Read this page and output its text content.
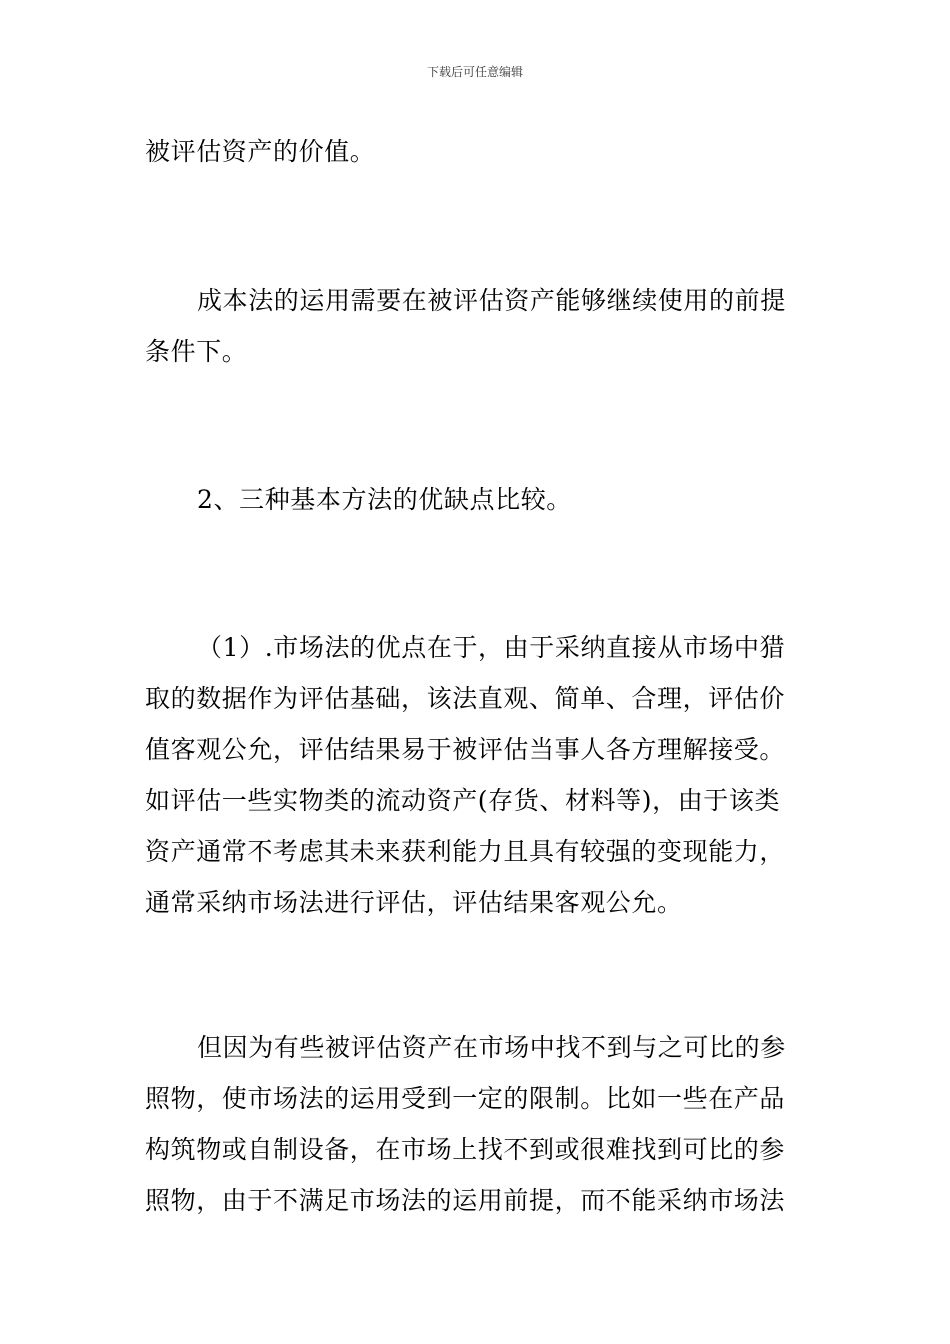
下载后可任意编辑
被评估资产的价值。
成本法的运用需要在被评估资产能够继续使用的前提
条件下。
2、三种基本方法的优缺点比较。
（1）.市场法的优点在于，由于采纳直接从市场中猎
取的数据作为评估基础，该法直观、简单、合理，评估价
值客观公允，评估结果易于被评估当事人各方理解接受。
如评估一些实物类的流动资产(存货、材料等)，由于该类
资产通常不考虑其未来获利能力且具有较强的变现能力，
通常采纳市场法进行评估，评估结果客观公允。
但因为有些被评估资产在市场中找不到与之可比的参
照物，使市场法的运用受到一定的限制。比如一些在产品
构筑物或自制设备，在市场上找不到或很难找到可比的参
照物，由于不满足市场法的运用前提，而不能采纳市场法
